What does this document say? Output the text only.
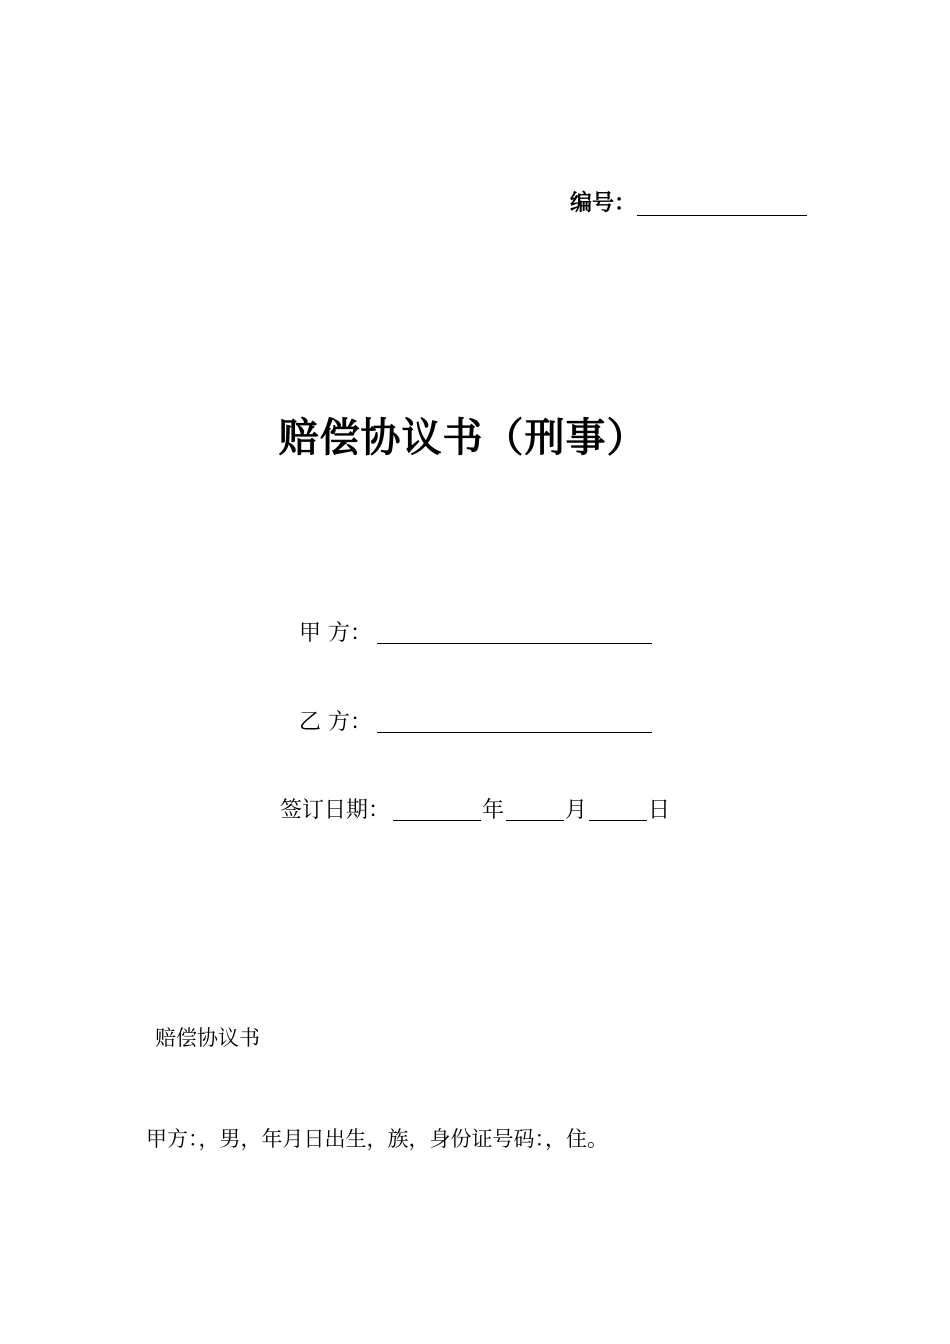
编号：
赔偿协议书（刑事）
甲 方：
乙 方：
签订日期：	年	月	日
赔偿协议书

甲方：，男，年月日出生，族，身份证号码：，住。
